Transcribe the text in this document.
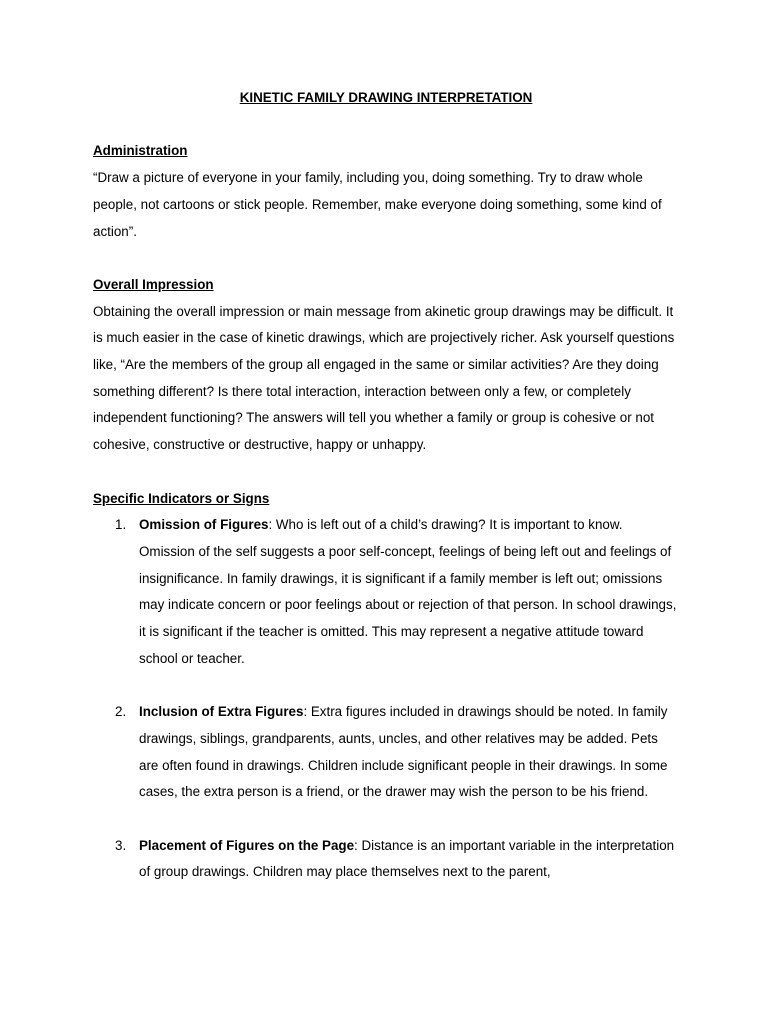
KINETIC FAMILY DRAWING INTERPRETATION

Administration

“Draw a picture of everyone in your family, including you, doing something. Try to draw whole people, not cartoons or stick people. Remember, make everyone doing something, some kind of action”.

Overall Impression

Obtaining the overall impression or main message from akinetic group drawings may be difficult. It is much easier in the case of kinetic drawings, which are projectively richer. Ask yourself questions like, “Are the members of the group all engaged in the same or similar activities? Are they doing something different? Is there total interaction, interaction between only a few, or completely independent functioning? The answers will tell you whether a family or group is cohesive or not cohesive, constructive or destructive, happy or unhappy.

Specific Indicators or Signs

1. Omission of Figures: Who is left out of a child’s drawing? It is important to know. Omission of the self suggests a poor self-concept, feelings of being left out and feelings of insignificance. In family drawings, it is significant if a family member is left out; omissions may indicate concern or poor feelings about or rejection of that person. In school drawings, it is significant if the teacher is omitted. This may represent a negative attitude toward school or teacher.
2. Inclusion of Extra Figures: Extra figures included in drawings should be noted. In family drawings, siblings, grandparents, aunts, uncles, and other relatives may be added. Pets are often found in drawings. Children include significant people in their drawings. In some cases, the extra person is a friend, or the drawer may wish the person to be his friend.
3. Placement of Figures on the Page: Distance is an important variable in the interpretation of group drawings. Children may place themselves next to the parent,
